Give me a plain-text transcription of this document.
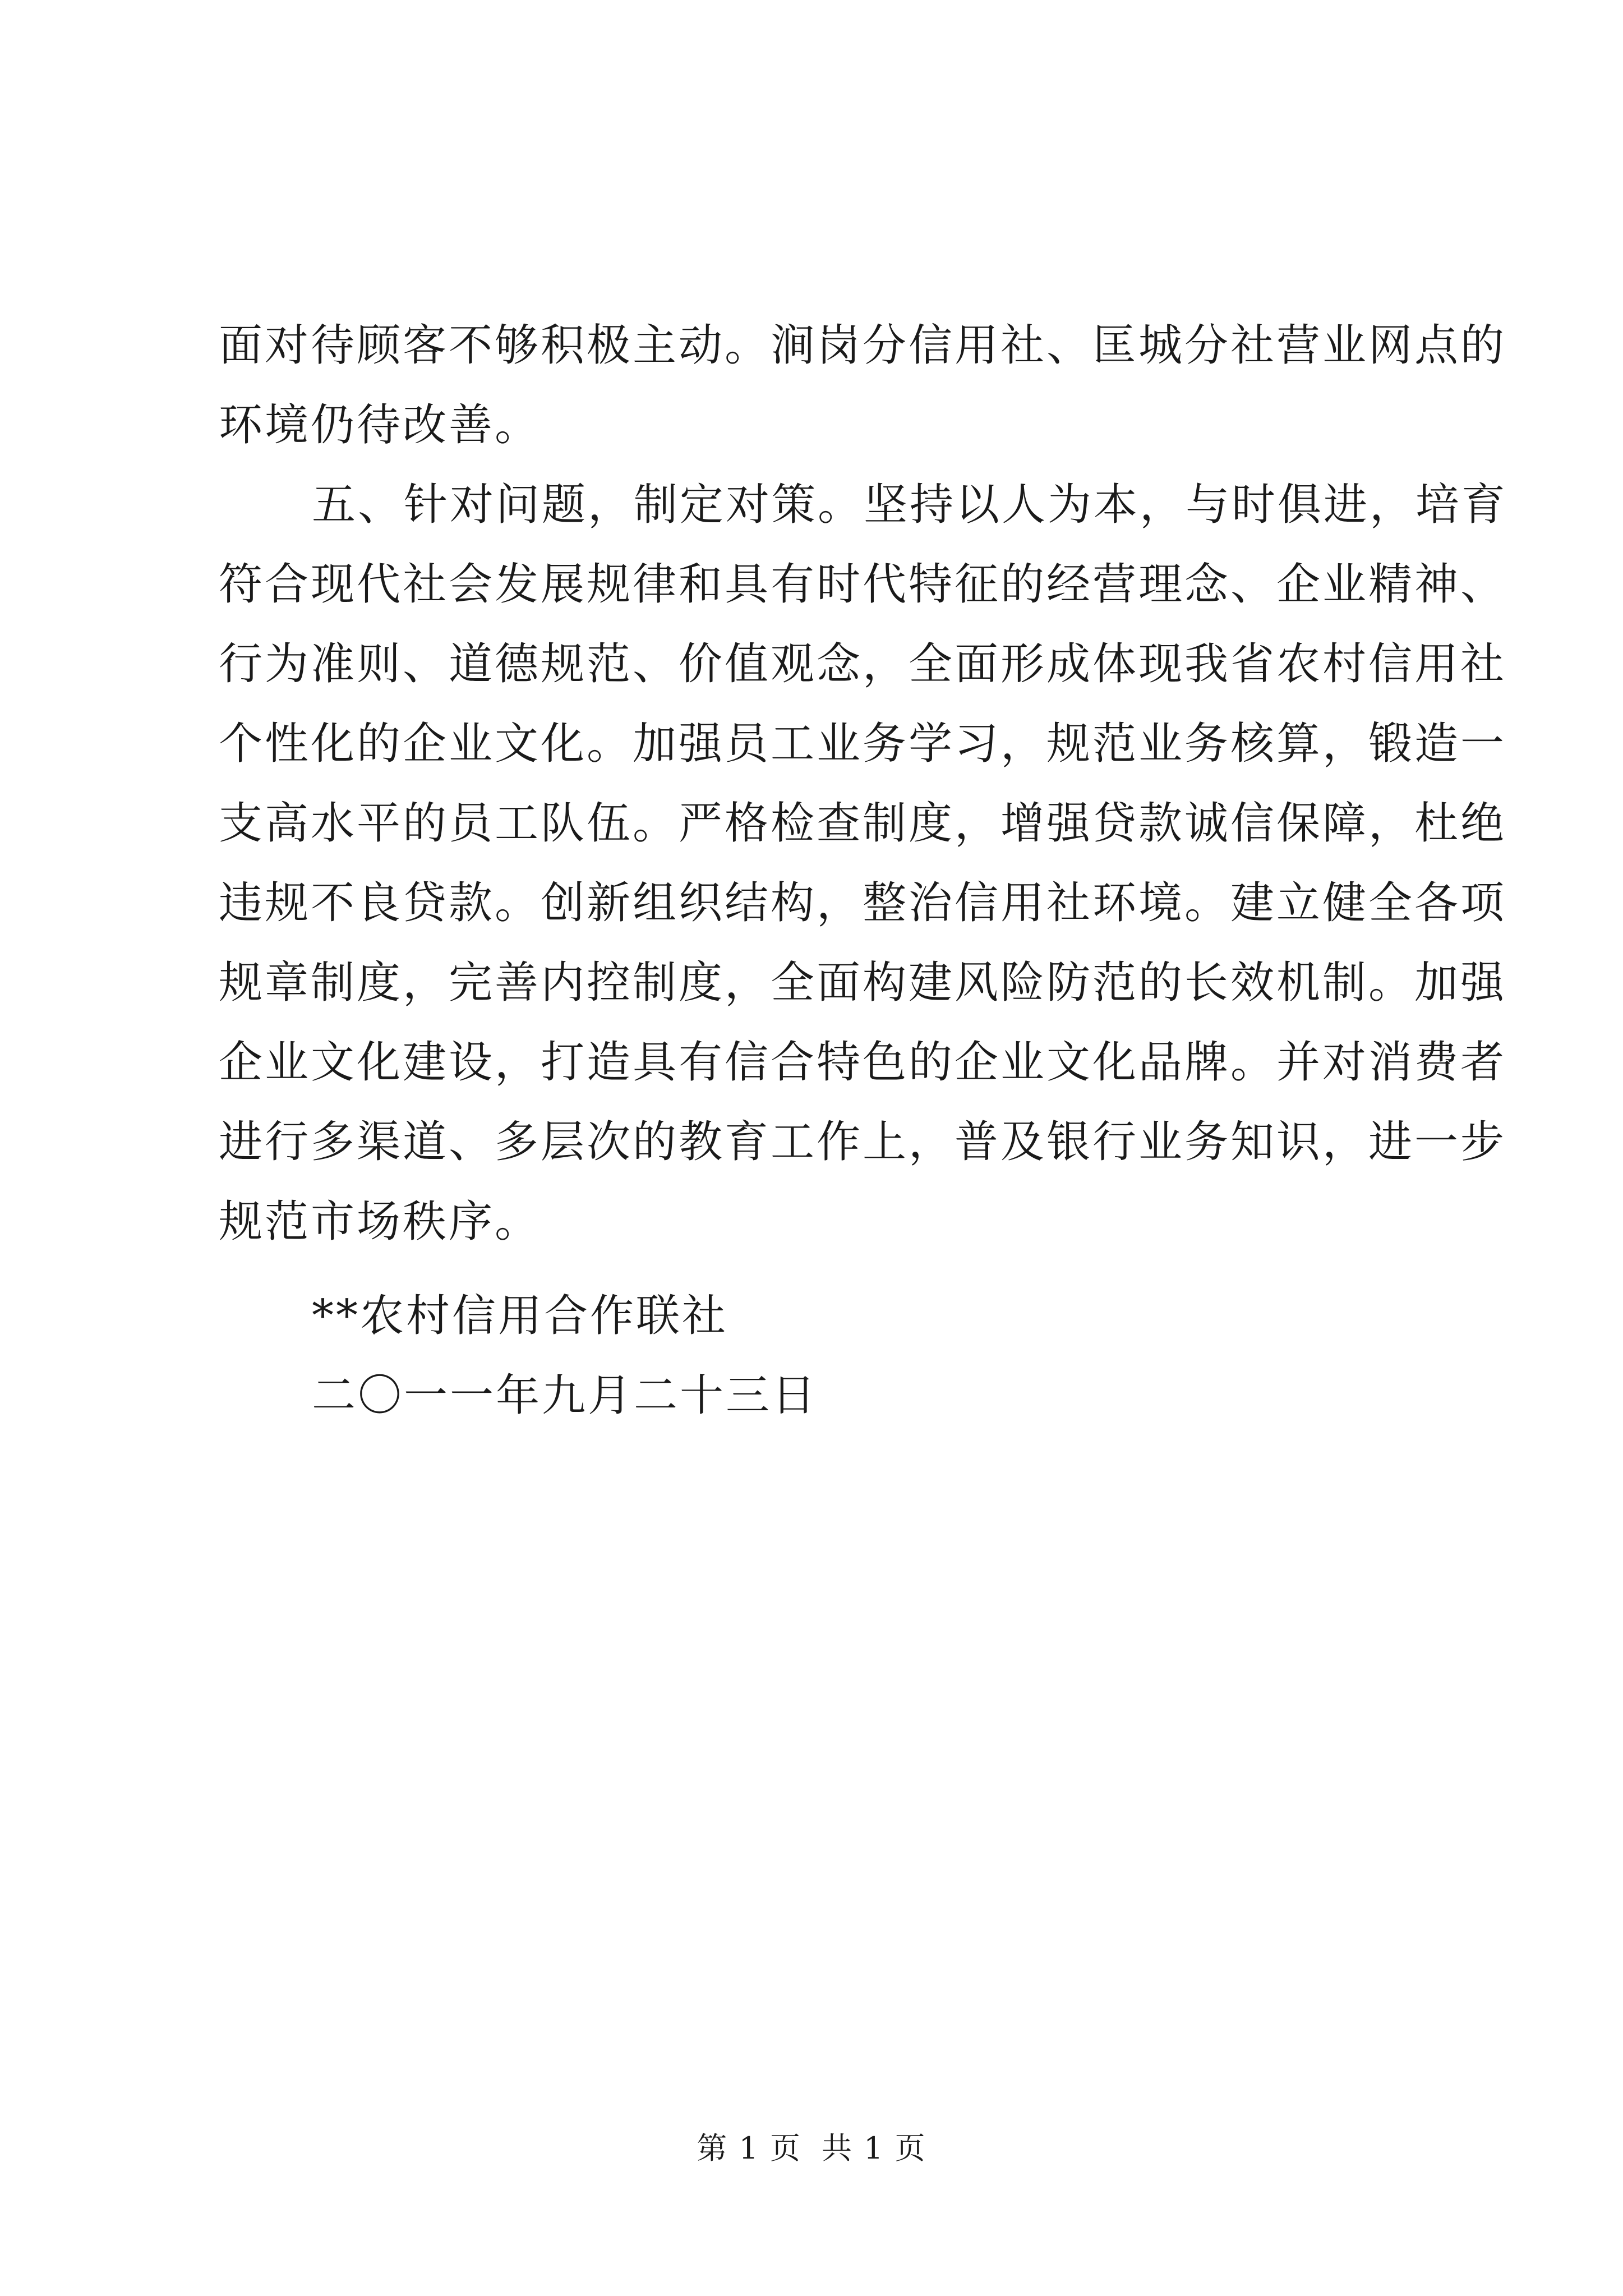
面对待顾客不够积极主动。涧岗分信用社、匡城分社营业网点的
环境仍待改善。
五、针对问题，制定对策。坚持以人为本，与时俱进，培育
符合现代社会发展规律和具有时代特征的经营理念、企业精神、
行为准则、道德规范、价值观念，全面形成体现我省农村信用社
个性化的企业文化。加强员工业务学习，规范业务核算，锻造一
支高水平的员工队伍。严格检查制度，增强贷款诚信保障，杜绝
违规不良贷款。创新组织结构，整治信用社环境。建立健全各项
规章制度，完善内控制度，全面构建风险防范的长效机制。加强
企业文化建设，打造具有信合特色的企业文化品牌。并对消费者
进行多渠道、多层次的教育工作上，普及银行业务知识，进一步
规范市场秩序。
**农村信用合作联社
二〇一一年九月二十三日
第 1 页 共 1 页
